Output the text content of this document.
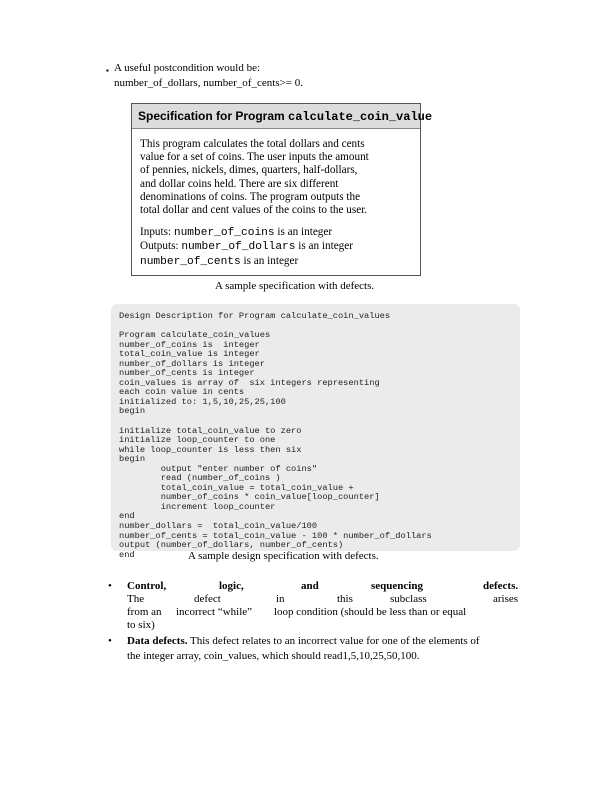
▪ A useful postcondition would be:
number_of_dollars, number_of_cents>= 0.
Specification for Program calculate_coin_value

This program calculates the total dollars and cents

value for a set of coins. The user inputs the amount

of pennies, nickels, dimes, quarters, half-dollars,

and dollar coins held. There are six different

denominations of coins. The program outputs the

total dollar and cent values of the coins to the user.

Inputs: number_of_coins is an integer

Outputs: number_of_dollars is an integer

number_of_cents is an integer

A sample specification with defects.
Design Description for Program calculate_coin_values

Program calculate_coin_values
number_of_coins is  integer
total_coin_value is integer
number_of_dollars is integer
number_of_cents is integer
coin_values is array of  six integers representing
each coin value in cents
initialized to: 1,5,10,25,25,100
begin

initialize total_coin_value to zero
initialize loop_counter to one
while loop_counter is less then six
begin
output "enter number of coins"
read (number_of_coins )
total_coin_value = total_coin_value +
number_of_coins * coin_value[loop_counter]
increment loop_counter
end
number_dollars =  total_coin_value/100
number_of_cents = total_coin_value - 100 * number_of_dollars
output (number_of_dollars, number_of_cents)
end	A sample design specification with defects.
• Control,	logic,	and	sequencing	defects.
The	defect	in	this	subclass	arises
from an incorrect “while” loop condition (should be less than or equal
to six)
• Data defects. This defect relates to an incorrect value for one of the elements of
the integer array, coin_values, which should read1,5,10,25,50,100.
